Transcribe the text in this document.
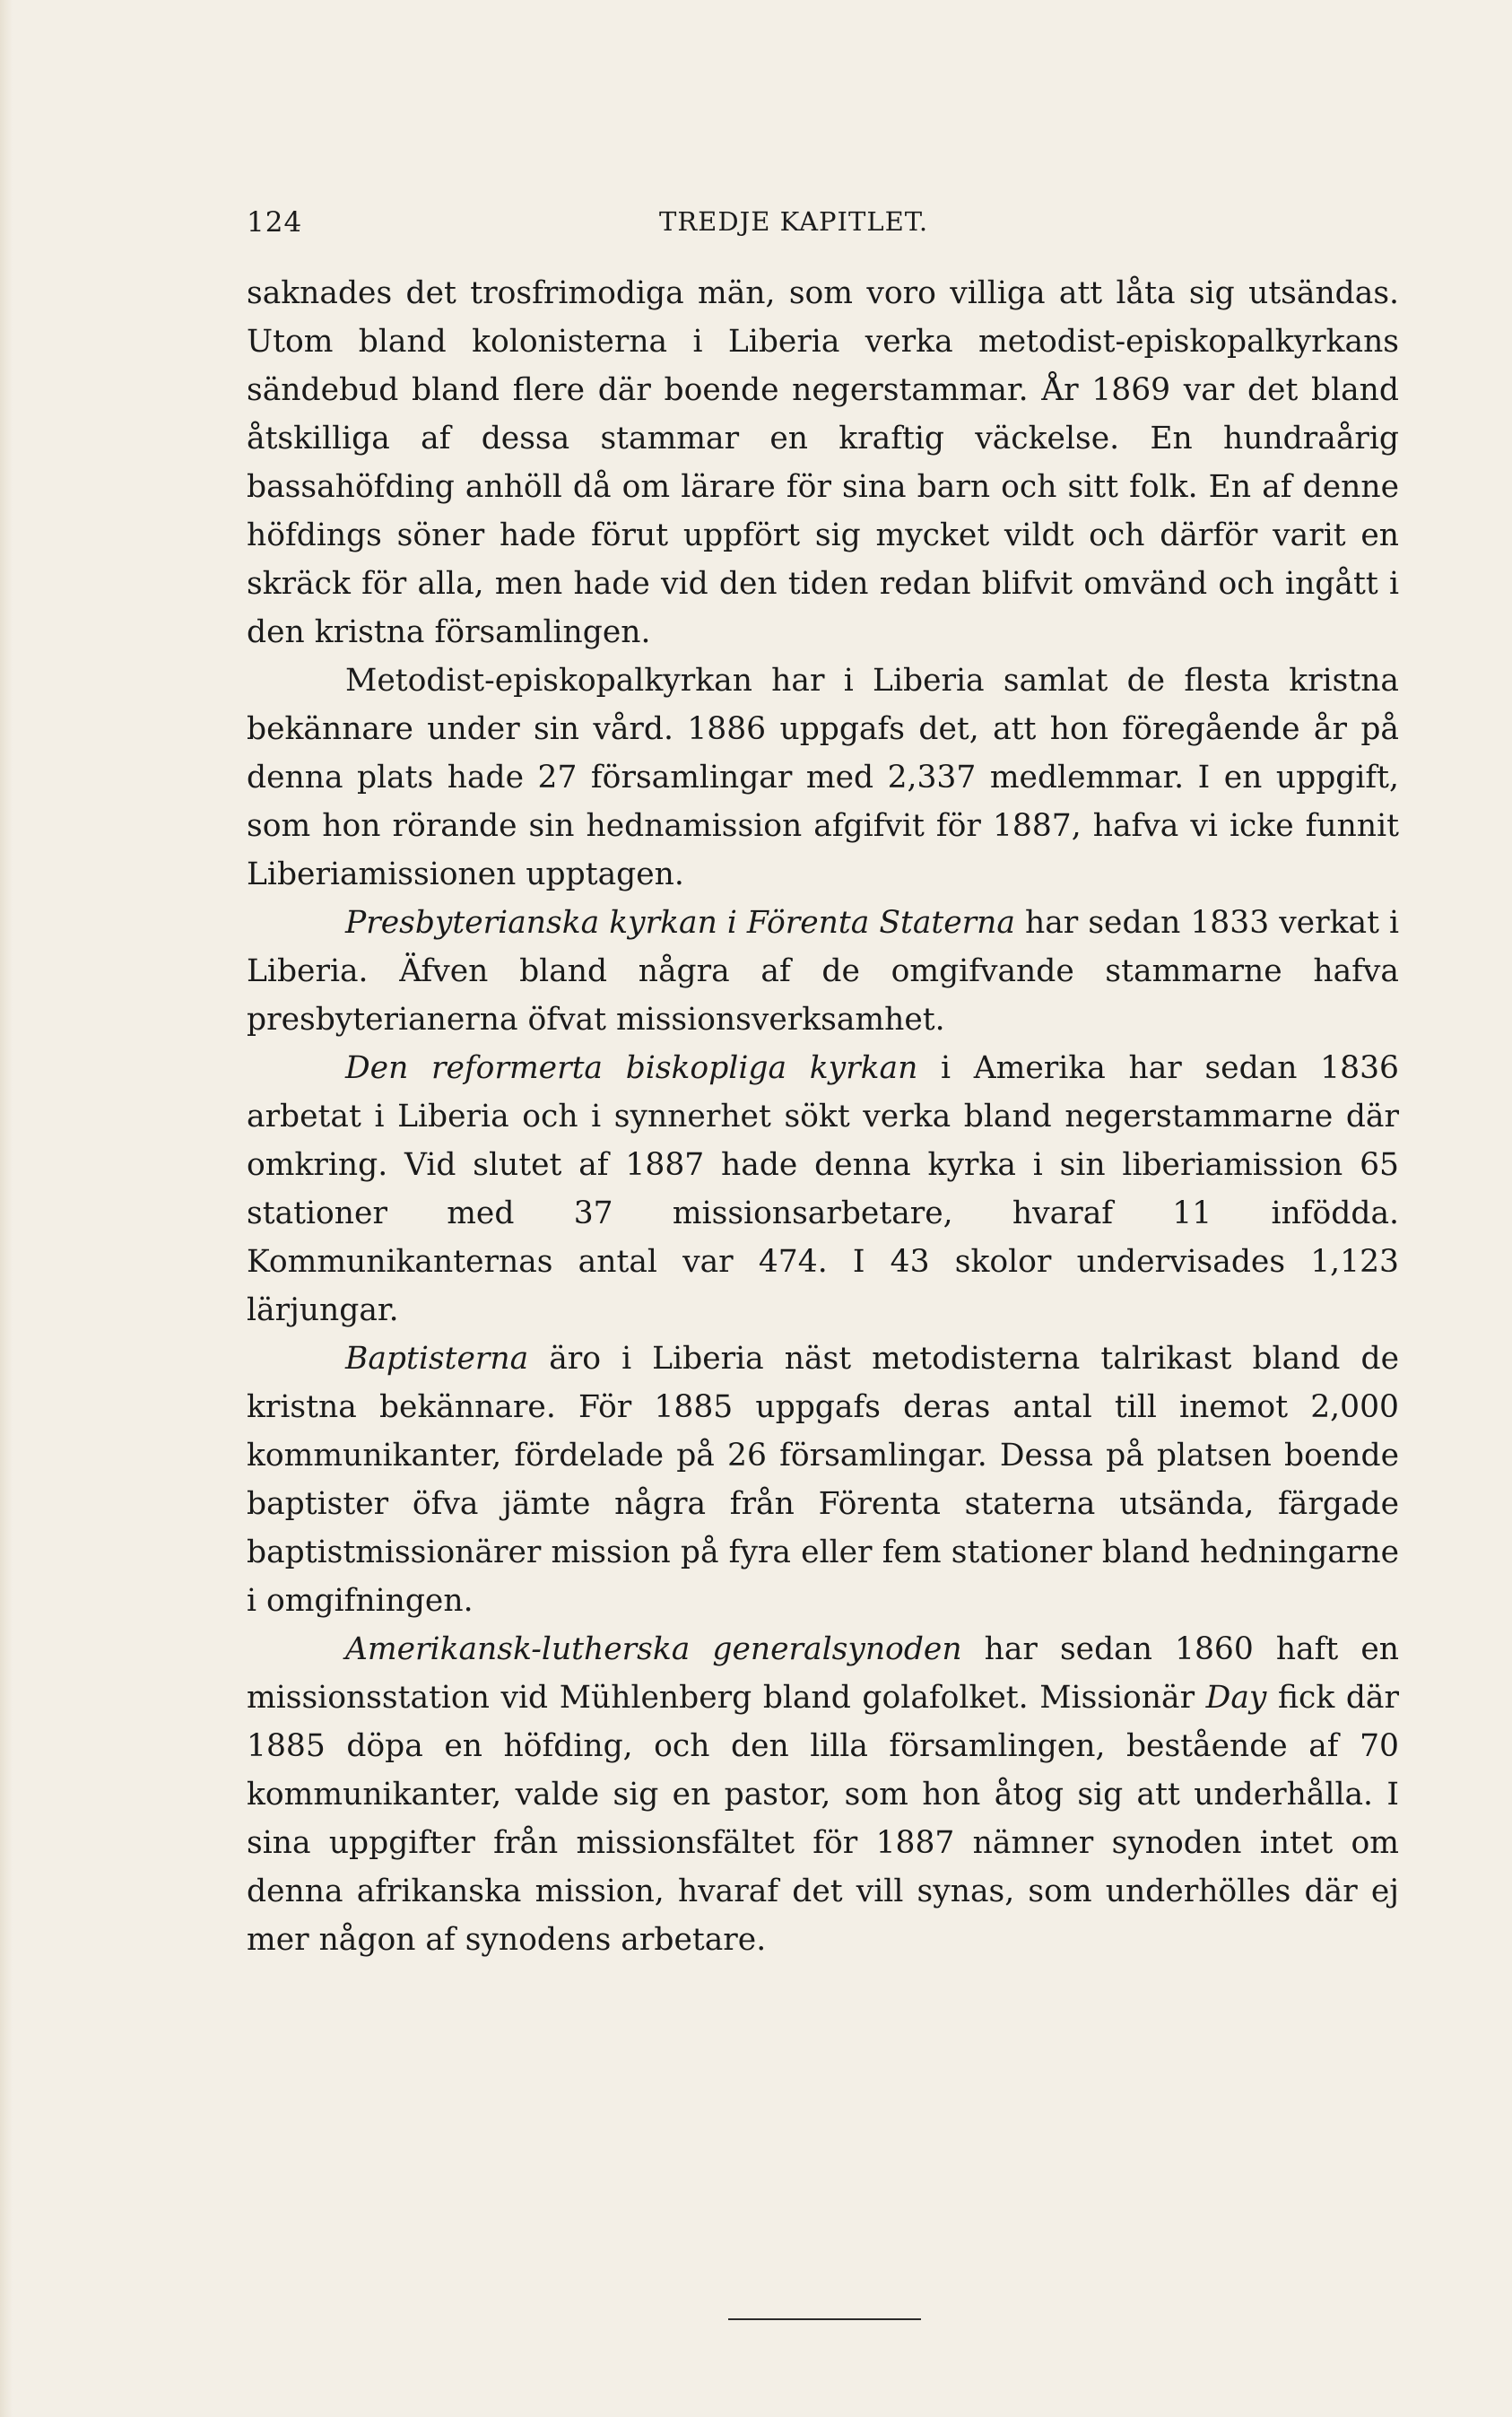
124	TREDJE KAPITLET.

saknades det trosfrimodiga män, som voro villiga att låta sig utsändas. Utom bland kolonisterna i Liberia verka metodist-episkopalkyrkans sändebud bland flere där boende negerstammar. År 1869 var det bland åtskilliga af dessa stammar en kraftig väckelse. En hundraårig bassahöfding anhöll då om lärare för sina barn och sitt folk. En af denne höfdings söner hade förut uppfört sig mycket vildt och därför varit en skräck för alla, men hade vid den tiden redan blifvit omvänd och ingått i den kristna församlingen.

Metodist-episkopalkyrkan har i Liberia samlat de flesta kristna bekännare under sin vård. 1886 uppgafs det, att hon föregående år på denna plats hade 27 församlingar med 2,337 medlemmar. I en uppgift, som hon rörande sin hednamission afgifvit för 1887, hafva vi icke funnit Liberiamissionen upptagen.

Presbyterianska kyrkan i Förenta Staterna har sedan 1833 verkat i Liberia. Äfven bland några af de omgifvande stammarne hafva presbyterianerna öfvat missionsverksamhet.

Den reformerta biskopliga kyrkan i Amerika har sedan 1836 arbetat i Liberia och i synnerhet sökt verka bland negerstammarne där omkring. Vid slutet af 1887 hade denna kyrka i sin liberiamission 65 stationer med 37 missionsarbetare, hvaraf 11 infödda. Kommunikanternas antal var 474. I 43 skolor undervisades 1,123 lärjungar.

Baptisterna äro i Liberia näst metodisterna talrikast bland de kristna bekännare. För 1885 uppgafs deras antal till inemot 2,000 kommunikanter, fördelade på 26 församlingar. Dessa på platsen boende baptister öfva jämte några från Förenta staterna utsända, färgade baptistmissionärer mission på fyra eller fem stationer bland hedningarne i omgifningen.

Amerikansk-lutherska generalsynoden har sedan 1860 haft en missionsstation vid Mühlenberg bland golafolket. Missionär Day fick där 1885 döpa en höfding, och den lilla församlingen, bestående af 70 kommunikanter, valde sig en pastor, som hon åtog sig att underhålla. I sina uppgifter från missionsfältet för 1887 nämner synoden intet om denna afrikanska mission, hvaraf det vill synas, som underhölles där ej mer någon af synodens arbetare.
